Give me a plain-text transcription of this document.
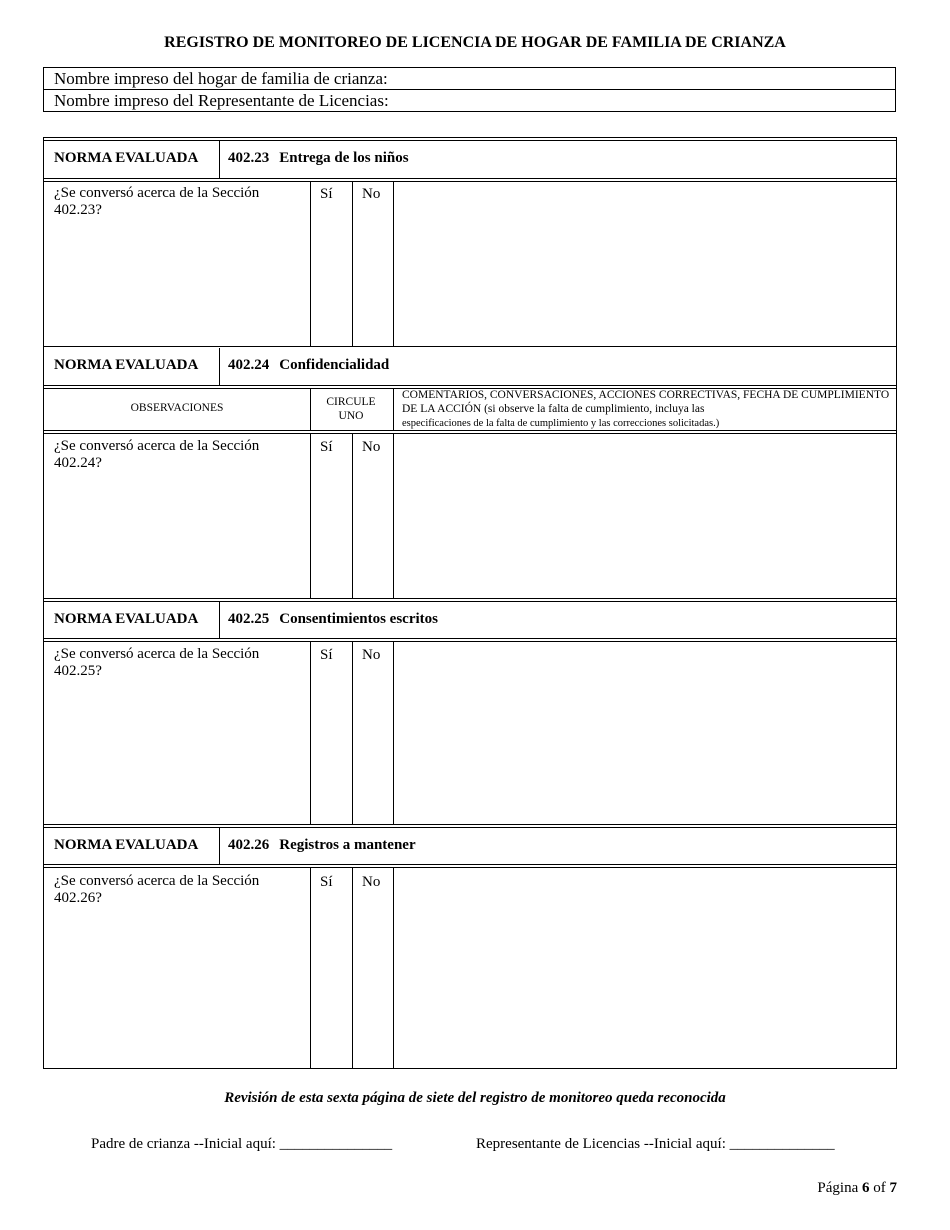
REGISTRO DE MONITOREO DE LICENCIA DE HOGAR DE FAMILIA DE CRIANZA
Nombre impreso del hogar de familia de crianza:
Nombre impreso del Representante de Licencias:
NORMA EVALUADA 402.23 Entrega de los niños
¿Se conversó acerca de la Sección 402.23?
Sí No
NORMA EVALUADA 402.24 Confidencialidad
OBSERVACIONES	CIRCULE
UNO
COMENTARIOS, CONVERSACIONES, ACCIONES CORRECTIVAS, FECHA DE CUMPLIMIENTO DE LA ACCIÓN (si observe la falta de cumplimiento, incluya las
especificaciones de la falta de cumplimiento y las correcciones solicitadas.)
¿Se conversó acerca de la Sección 402.24?
Sí No
NORMA EVALUADA 402.25 Consentimientos escritos
¿Se conversó acerca de la Sección 402.25?
Sí No
NORMA EVALUADA 402.26 Registros a mantener
¿Se conversó acerca de la Sección 402.26?
Sí No
Revisión de esta sexta página de siete del registro de monitoreo queda reconocida
Padre de crianza --Inicial aquí: _______________	Representante de Licencias --Inicial aquí: ______________
Página 6 of 7
